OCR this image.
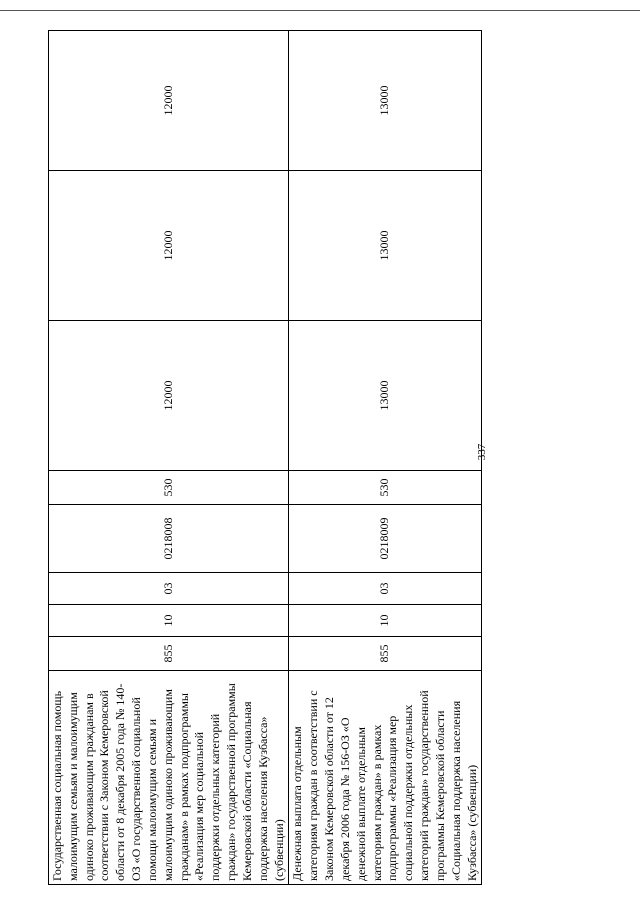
337
Государственная социальная помощь малоимущим семьям и малоимущим одиноко проживающим гражданам в соответствии с Законом Кемеровской области от 8 декабря 2005 года № 140-ОЗ «О государственной социальной помощи малоимущим семьям и малоимущим одиноко проживающим гражданам» в рамках подпрограммы «Реализация мер социальной поддержки отдельных категорий граждан» государственной программы Кемеровской области «Социальная поддержка населения Кузбасса» (субвенции)	855	10	03	0218008	530	12000	12000	12000
Денежная выплата отдельным категориям граждан в соответствии с Законом Кемеровской области от 12 декабря 2006 года № 156-ОЗ «О денежной выплате отдельным категориям граждан» в рамках подпрограммы «Реализация мер социальной поддержки отдельных категорий граждан» государственной программы Кемеровской области «Социальная поддержка населения Кузбасса» (субвенции)	855	10	03	0218009	530	13000	13000	13000
